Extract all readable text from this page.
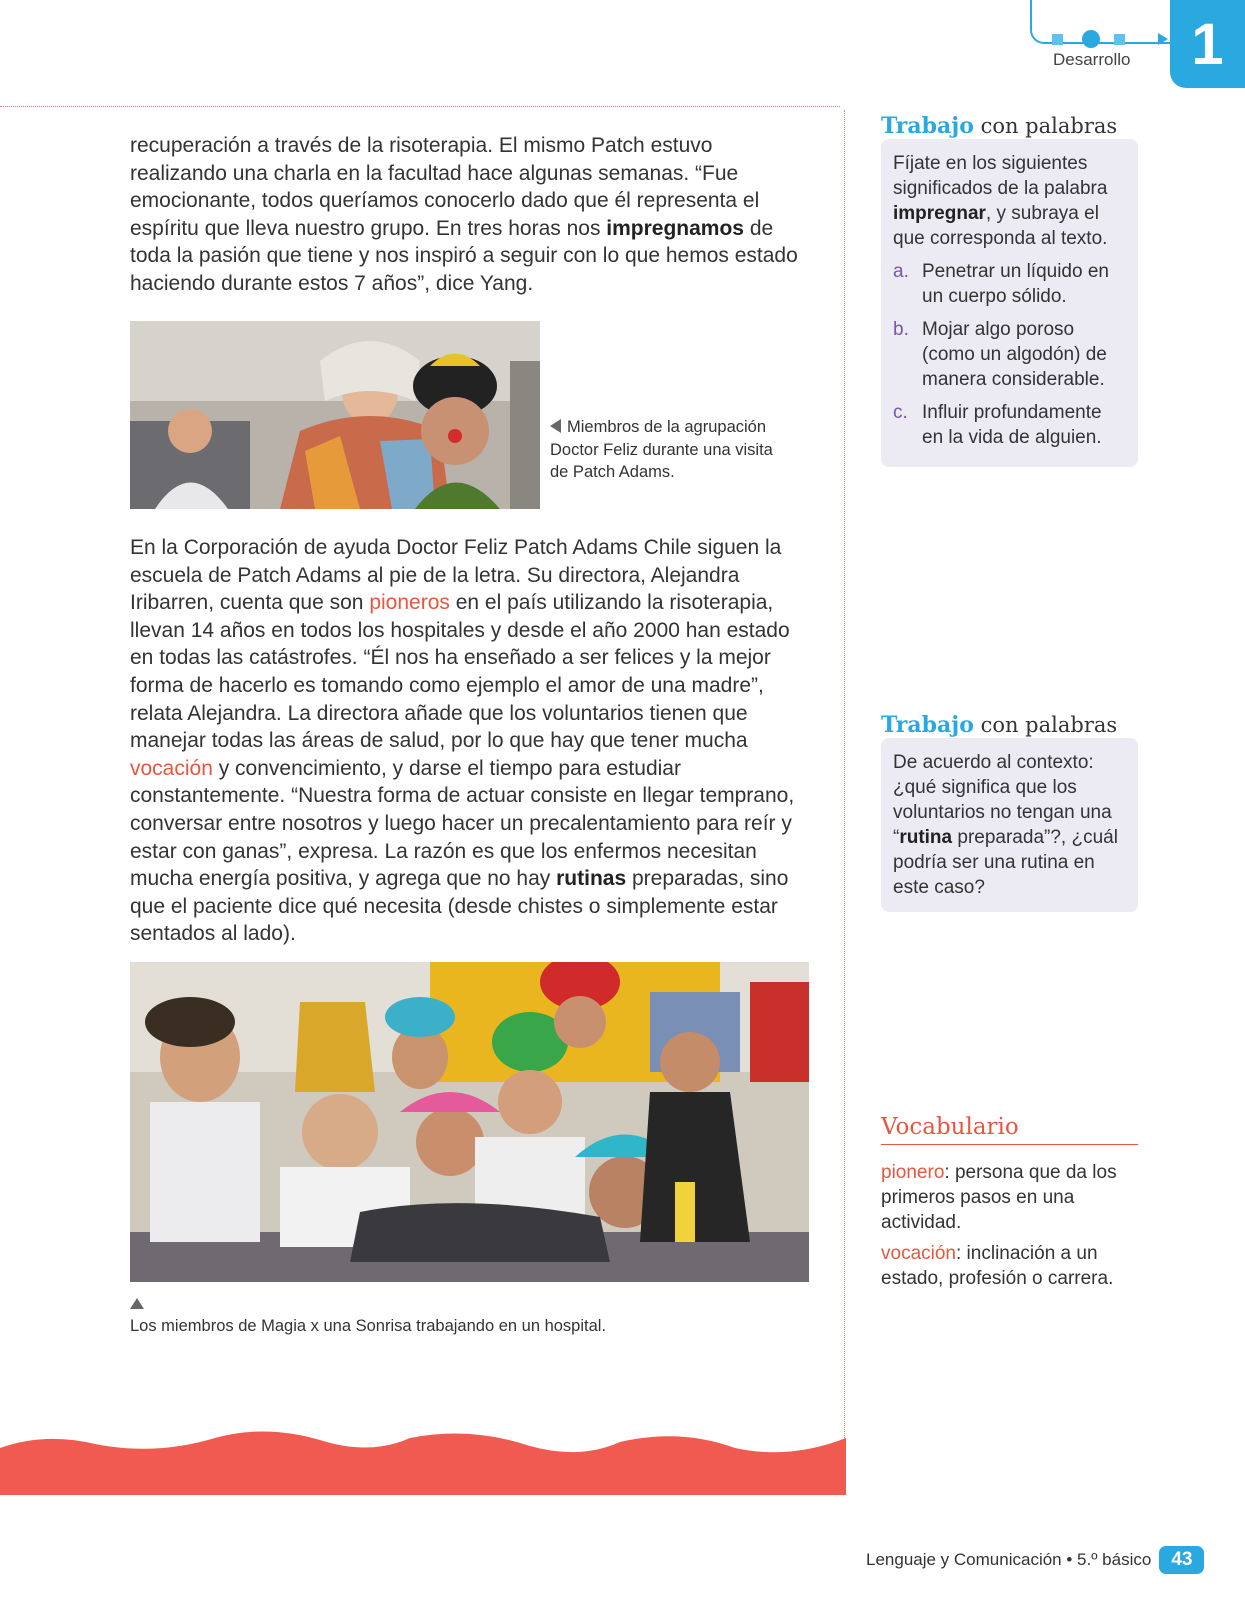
Desarrollo	1
recuperación a través de la risoterapia. El mismo Patch estuvo realizando una charla en la facultad hace algunas semanas. “Fue emocionante, todos queríamos conocerlo dado que él representa el espíritu que lleva nuestro grupo. En tres horas nos impregnamos de toda la pasión que tiene y nos inspiró a seguir con lo que hemos estado haciendo durante estos 7 años”, dice Yang.
Miembros de la agrupación Doctor Feliz durante una visita de Patch Adams.
En la Corporación de ayuda Doctor Feliz Patch Adams Chile siguen la escuela de Patch Adams al pie de la letra. Su directora, Alejandra Iribarren, cuenta que son pioneros en el país utilizando la risoterapia, llevan 14 años en todos los hospitales y desde el año 2000 han estado en todas las catástrofes. “Él nos ha enseñado a ser felices y la mejor forma de hacerlo es tomando como ejemplo el amor de una madre”, relata Alejandra. La directora añade que los voluntarios tienen que manejar todas las áreas de salud, por lo que hay que tener mucha vocación y convencimiento, y darse el tiempo para estudiar constantemente. “Nuestra forma de actuar consiste en llegar temprano, conversar entre nosotros y luego hacer un precalentamiento para reír y estar con ganas”, expresa. La razón es que los enfermos necesitan mucha energía positiva, y agrega que no hay rutinas preparadas, sino que el paciente dice qué necesita (desde chistes o simplemente estar sentados al lado).
Los miembros de Magia x una Sonrisa trabajando en un hospital.
Trabajo con palabras
Fíjate en los siguientes significados de la palabra impregnar, y subraya el que corresponda al texto.
a. Penetrar un líquido en un cuerpo sólido.
b. Mojar algo poroso (como un algodón) de manera considerable.
c. Influir profundamente en la vida de alguien.
Trabajo con palabras
De acuerdo al contexto: ¿qué significa que los voluntarios no tengan una “rutina preparada”?, ¿cuál podría ser una rutina en este caso?
Vocabulario

pionero: persona que da los primeros pasos en una actividad.

vocación: inclinación a un estado, profesión o carrera.

Lenguaje y Comunicación
•
5.º básico	43
